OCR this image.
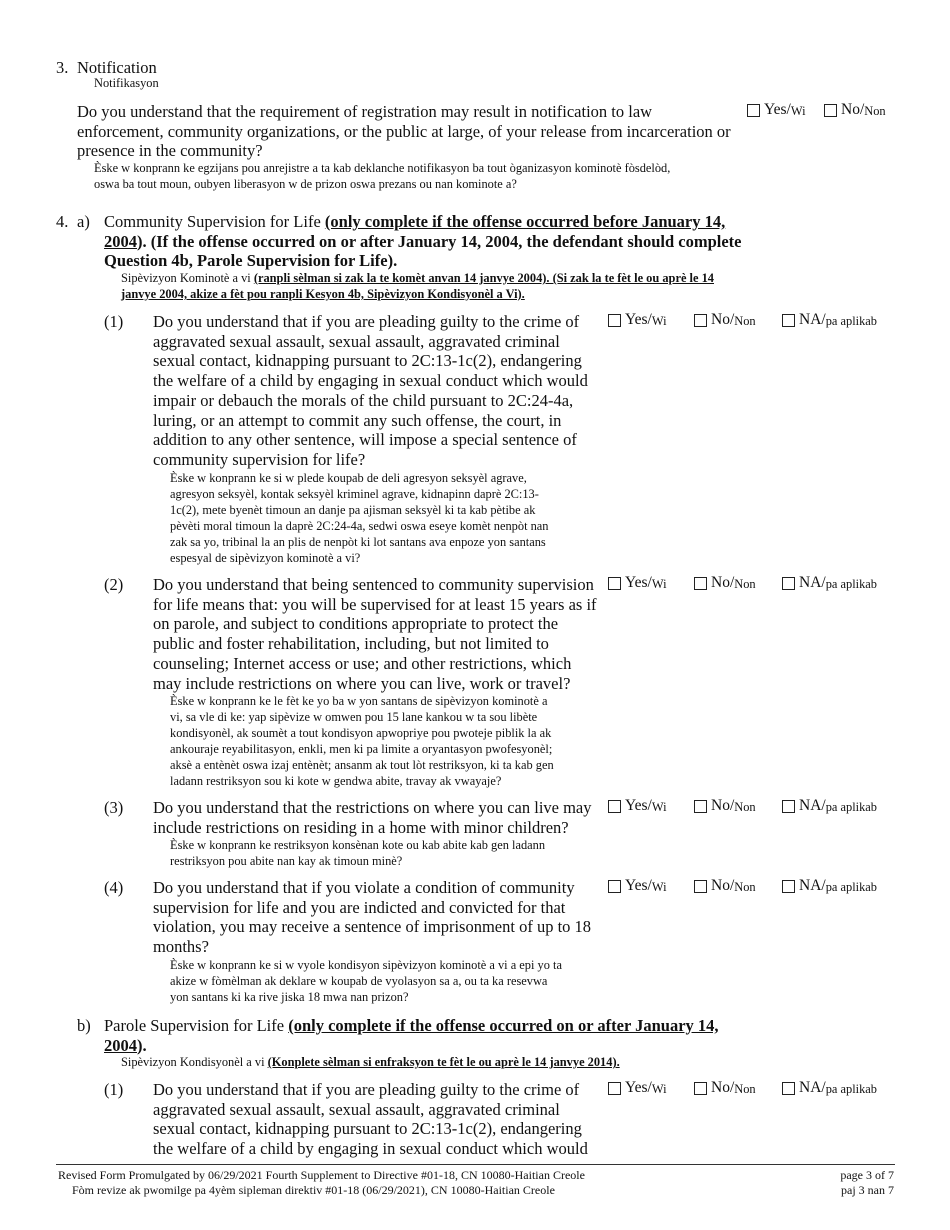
3. Notification
Notifikasyon
Do you understand that the requirement of registration may result in notification to law enforcement, community organizations, or the public at large, of your release from incarceration or presence in the community?
Èske w konprann ke egzijans pou anrejistre a ta kab deklanche notifikasyon ba tout òganizasyon kominotè fòsdelòd, oswa ba tout moun, oubyen liberasyon w de prizon oswa prezans ou nan kominote a?
Yes/ Wi No/ Non
4. a) Community Supervision for Life (only complete if the offense occurred before January 14, 2004). (If the offense occurred on or after January 14, 2004, the defendant should complete Question 4b, Parole Supervision for Life).
Sipèvizyon Kominotè a vi (ranpli sèlman si zak la te komèt anvan 14 janvye 2004). (Si zak la te fèt le ou aprè le 14 janvye 2004, akize a fèt pou ranpli Kesyon 4b, Sipèvizyon Kondisyonèl a Vi).
(1) Do you understand that if you are pleading guilty to the crime of
aggravated sexual assault, sexual assault, aggravated criminal
sexual contact, kidnapping pursuant to 2C:13-1c(2), endangering
the welfare of a child by engaging in sexual conduct which would
impair or debauch the morals of the child pursuant to 2C:24-4a,
luring, or an attempt to commit any such offense, the court, in
addition to any other sentence, will impose a special sentence of
community supervision for life?
Èske w konprann ke si w plede koupab de deli agresyon seksyèl agrave,
agresyon seksyèl, kontak seksyèl kriminel agrave, kidnapinn daprè 2C:13-
1c(2), mete byenèt timoun an danje pa ajisman seksyèl ki ta kab pètibe ak
pèvèti moral timoun la daprè 2C:24-4a, sedwi oswa eseye komèt nenpòt nan
zak sa yo, tribinal la an plis de nenpòt ki lot santans ava enpoze yon santans
espesyal de sipèvizyon kominotè a vi?
Yes/ Wi	No/ Non	NA/ pa aplikab
(2) Do you understand that being sentenced to community supervision
for life means that: you will be supervised for at least 15 years as if
on parole, and subject to conditions appropriate to protect the
public and foster rehabilitation, including, but not limited to
counseling; Internet access or use; and other restrictions, which
may include restrictions on where you can live, work or travel?
Èske w konprann ke le fèt ke yo ba w yon santans de sipèvizyon kominotè a
vi, sa vle di ke: yap sipèvize w omwen pou 15 lane kankou w ta sou libète
kondisyonèl, ak soumèt a tout kondisyon apwopriye pou pwoteje piblik la ak
ankouraje reyabilitasyon, enkli, men ki pa limite a oryantasyon pwofesyonèl;
aksè a entènèt oswa izaj entènèt; ansanm ak tout lòt restriksyon, ki ta kab gen
ladann restriksyon sou ki kote w gendwa abite, travay ak vwayaje?
Yes/ Wi	No/ Non	NA/ pa aplikab
(3) Do you understand that the restrictions on where you can live may
include restrictions on residing in a home with minor children?
Èske w konprann ke restriksyon konsènan kote ou kab abite kab gen ladann
restriksyon pou abite nan kay ak timoun minè?
Yes/ Wi	No/ Non	NA/ pa aplikab
(4) Do you understand that if you violate a condition of community
supervision for life and you are indicted and convicted for that
violation, you may receive a sentence of imprisonment of up to 18
months?
Èske w konprann ke si w vyole kondisyon sipèvizyon kominotè a vi a epi yo ta
akize w fòmèlman ak deklare w koupab de vyolasyon sa a, ou ta ka resevwa
yon santans ki ka rive jiska 18 mwa nan prizon?
Yes/ Wi	No/ Non	NA/ pa aplikab
b) Parole Supervision for Life (only complete if the offense occurred on or after January 14, 2004).
Sipèvizyon Kondisyonèl a vi (Konplete sèlman si enfraksyon te fèt le ou aprè le 14 janvye 2014).
(1) Do you understand that if you are pleading guilty to the crime of
aggravated sexual assault, sexual assault, aggravated criminal
sexual contact, kidnapping pursuant to 2C:13-1c(2), endangering
the welfare of a child by engaging in sexual conduct which would
Yes/ Wi	No/ Non	NA/ pa aplikab
Revised Form Promulgated by 06/29/2021 Fourth Supplement to Directive #01-18, CN 10080-Haitian Creole
Fòm revize ak pwomilge pa 4yèm sipleman direktiv #01-18 (06/29/2021), CN 10080-Haitian Creole
page 3 of 7
paj 3 nan 7
